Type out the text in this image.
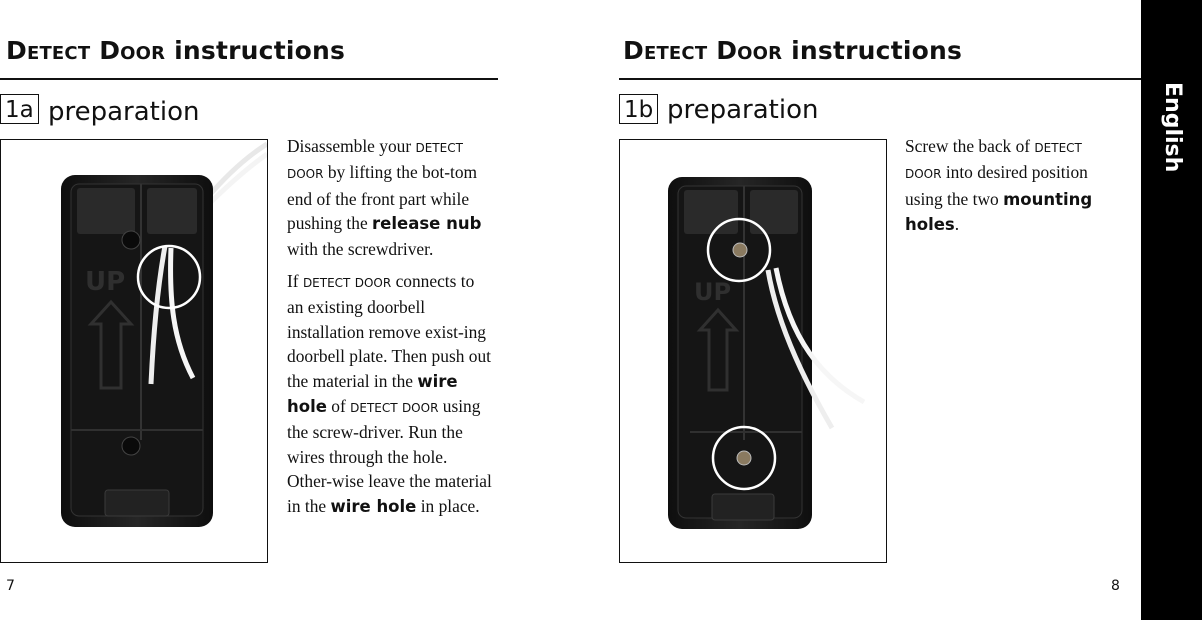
DETECT DOOR instructions
1a preparation
UP

Disassemble your DETECT DOOR by lifting the bot-tom end of the front part while pushing the release nub with the screwdriver.

If DETECT DOOR connects to an existing doorbell installation remove exist-ing doorbell plate. Then push out the material in the wire hole of DETECT DOOR using the screw-driver. Run the wires through the hole. Other-wise leave the material in the wire hole in place.

7
DETECT DOOR instructions
1b preparation
UP

Screw the back of DETECT DOOR into desired position using the two mounting holes.

8
English
